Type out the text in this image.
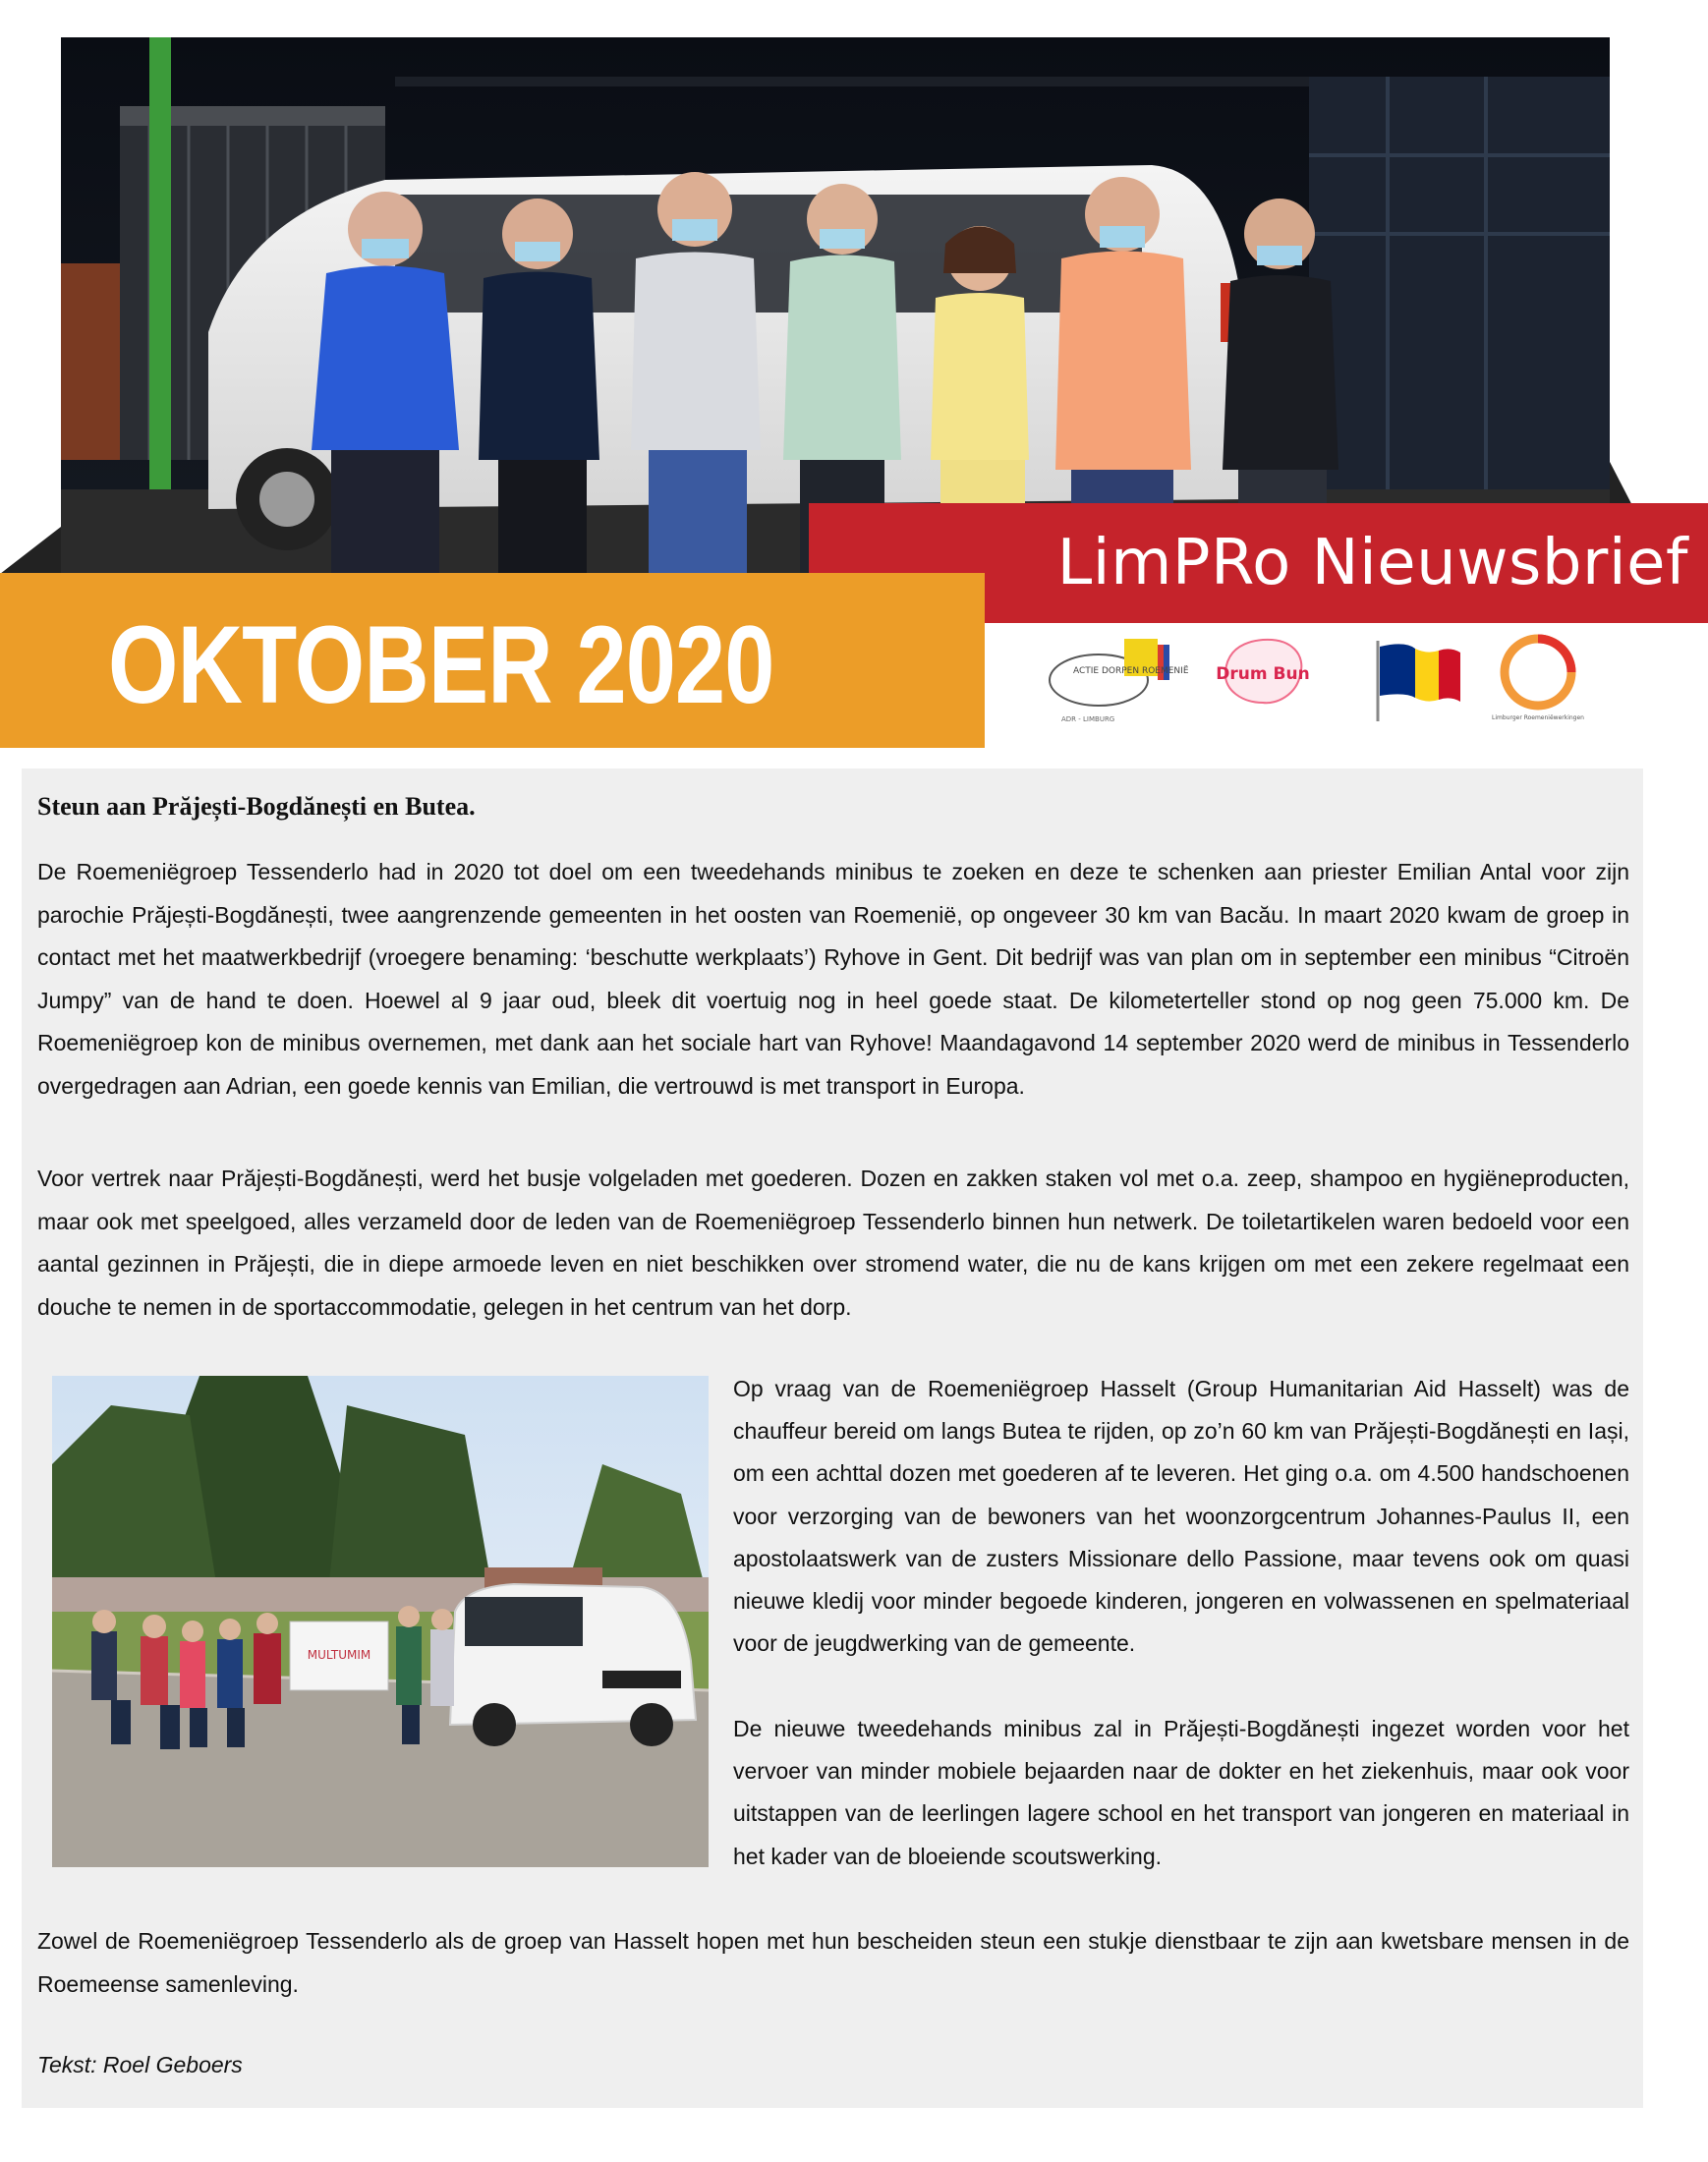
LimPRo Nieuwsbrief
OKTOBER 2020	ACTIE DORPEN ROEMENIË
ADR - LIMBURG
Drum Bun
Limburger Roemeniëwerkingen
Steun aan Prăjești-Bogdănești en Butea.

De Roemeniëgroep Tessenderlo had in 2020 tot doel om een tweedehands minibus te zoeken en deze te schenken aan priester Emilian Antal voor zijn parochie Prăjești-Bogdănești, twee aangrenzende gemeenten in het oosten van Roemenië, op ongeveer 30 km van Bacău. In maart 2020 kwam de groep in contact met het maatwerkbedrijf (vroegere benaming: ‘beschutte werkplaats’) Ryhove in Gent. Dit bedrijf was van plan om in september een minibus “Citroën Jumpy” van de hand te doen. Hoewel al 9 jaar oud, bleek dit voertuig nog in heel goede staat. De kilometerteller stond op nog geen 75.000 km. De Roemeniëgroep kon de minibus overnemen, met dank aan het sociale hart van Ryhove! Maandagavond 14 september 2020 werd de minibus in Tessenderlo overgedragen aan Adrian, een goede kennis van Emilian, die vertrouwd is met transport in Europa.

Voor vertrek naar Prăjești-Bogdănești, werd het busje volgeladen met goederen. Dozen en zakken staken vol met o.a. zeep, shampoo en hygiëneproducten, maar ook met speelgoed, alles verzameld door de leden van de Roemeniëgroep Tessenderlo binnen hun netwerk. De toiletartikelen waren bedoeld voor een aantal gezinnen in Prăjești, die in diepe armoede leven en niet beschikken over stromend water, die nu de kans krijgen om met een zekere regelmaat een douche te nemen in de sportaccommodatie, gelegen in het centrum van het dorp.

MULTUMIM

Op vraag van de Roemeniëgroep Hasselt (Group Humanitarian Aid Hasselt) was de chauffeur bereid om langs Butea te rijden, op zo’n 60 km van Prăjești-Bogdănești en Iași, om een achttal dozen met goederen af te leveren. Het ging o.a. om 4.500 handschoenen voor verzorging van de bewoners van het woonzorgcentrum Johannes-Paulus II, een apostolaatswerk van de zusters Missionare dello Passione, maar tevens ook om quasi nieuwe kledij voor minder begoede kinderen, jongeren en volwassenen en spelmateriaal voor de jeugdwerking van de gemeente.

De nieuwe tweedehands minibus zal in Prăjești-Bogdănești ingezet worden voor het vervoer van minder mobiele bejaarden naar de dokter en het ziekenhuis, maar ook voor uitstappen van de leerlingen lagere school en het transport van jongeren en materiaal in het kader van de bloeiende scoutswerking.

Zowel de Roemeniëgroep Tessenderlo als de groep van Hasselt hopen met hun bescheiden steun een stukje dienstbaar te zijn aan kwetsbare mensen in de Roemeense samenleving.

Tekst: Roel Geboers
